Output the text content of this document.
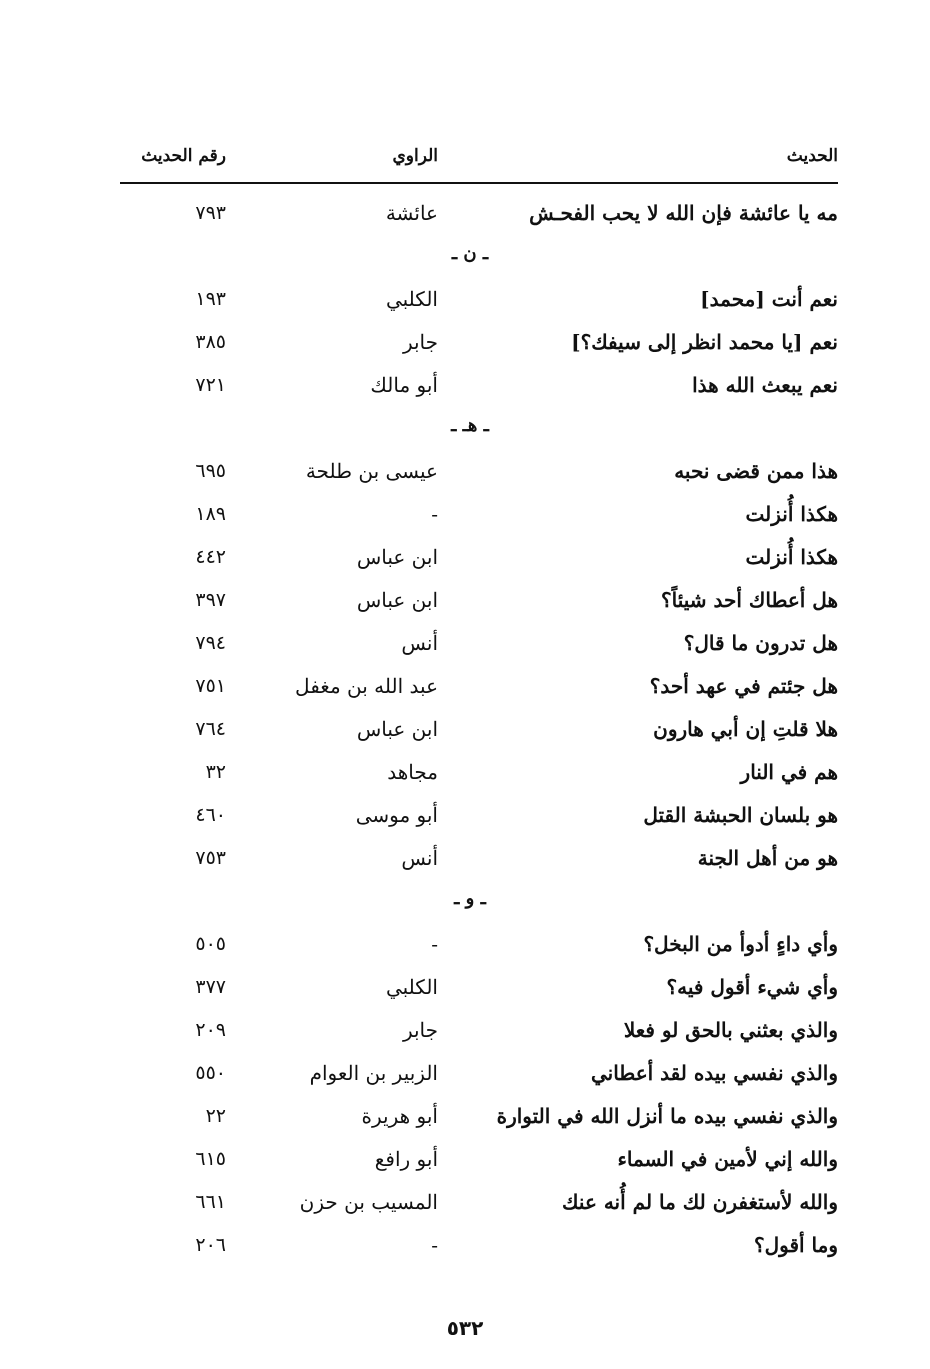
الحديث
الراوي
رقم الحديث
مه يا عائشة فإن الله لا يحب الفحـش
عائشة
٧٩٣
ـ ن ـ
نعم أنت [محمد]
الكلبي
١٩٣
نعم [يا محمد انظر إلى سيفك؟]
جابر
٣٨٥
نعم يبعث الله هذا
أبو مالك
٧٢١
ـ هـ ـ
هذا ممن قضى نحبه
عيسى بن طلحة
٦٩٥
هكذا أُنزلت
-
١٨٩
هكذا أُنزلت
ابن عباس
٤٤٢
هل أعطاك أحد شيئاً؟
ابن عباس
٣٩٧
هل تدرون ما قال؟
أنس
٧٩٤
هل جئتم في عهد أحد؟
عبد الله بن مغفل
٧٥١
هلا قلتِ إن أبي هارون
ابن عباس
٧٦٤
هم في النار
مجاهد
٣٢
هو بلسان الحبشة القتل
أبو موسى
٤٦٠
هو من أهل الجنة
أنس
٧٥٣
ـ و ـ
وأي داءٍ أدوأ من البخل؟
-
٥٠٥
وأي شيء أقول فيه؟
الكلبي
٣٧٧
والذي بعثني بالحق لو فعلا
جابر
٢٠٩
والذي نفسي بيده لقد أعطاني
الزبير بن العوام
٥٥٠
والذي نفسي بيده ما أنزل الله في التوارة
أبو هريرة
٢٢
والله إني لأمين في السماء
أبو رافع
٦١٥
والله لأستغفرن لك ما لم أُنه عنك
المسيب بن حزن
٦٦١
وما أقول؟
-
٢٠٦
٥٣٢
